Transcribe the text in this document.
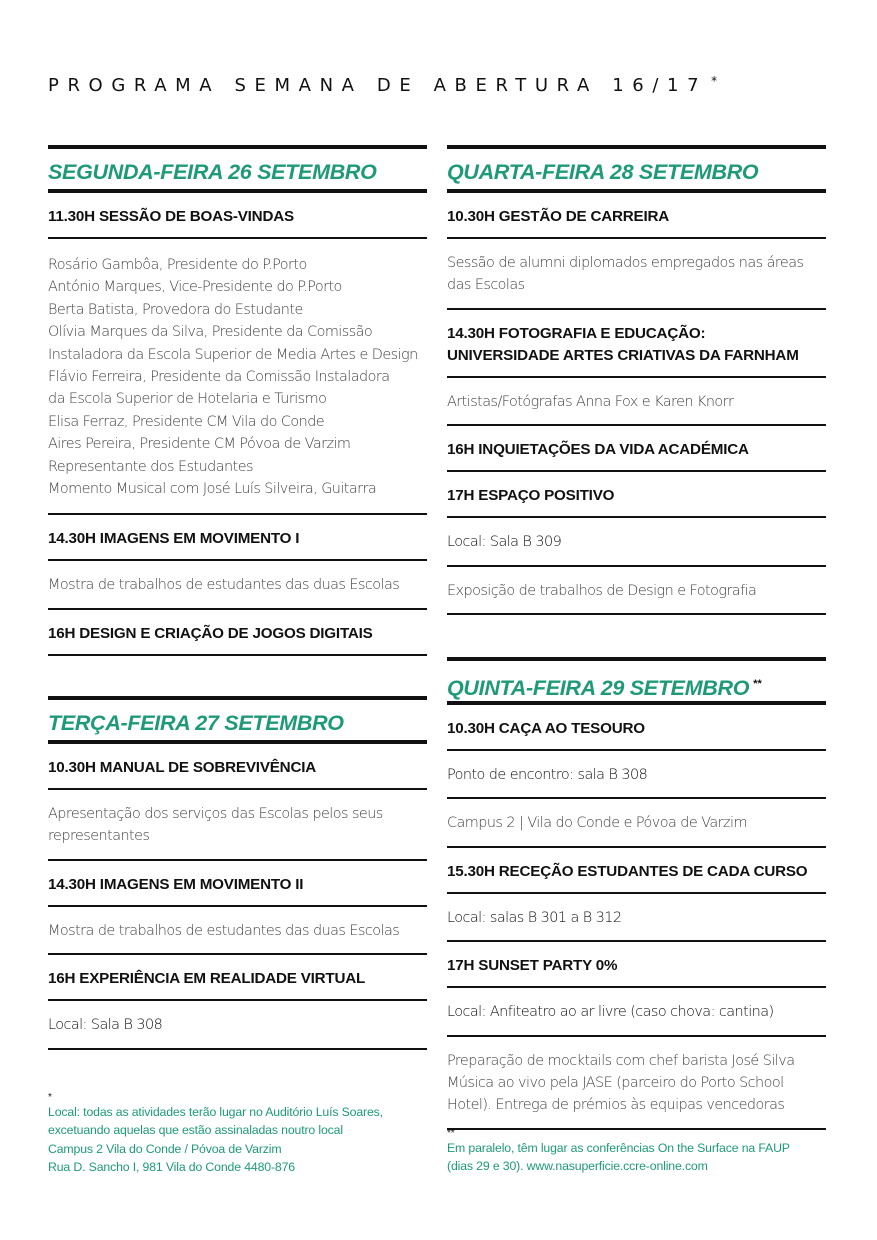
PROGRAMA SEMANA DE ABERTURA 16/17 *
SEGUNDA-FEIRA 26 SETEMBRO
11.30H SESSÃO DE BOAS-VINDAS
Rosário Gambôa, Presidente do P.Porto
António Marques, Vice-Presidente do P.Porto
Berta Batista, Provedora do Estudante
Olívia Marques da Silva, Presidente da Comissão
Instaladora da Escola Superior de Media Artes e Design
Flávio Ferreira, Presidente da Comissão Instaladora
da Escola Superior de Hotelaria e Turismo
Elisa Ferraz, Presidente CM Vila do Conde
Aires Pereira, Presidente CM Póvoa de Varzim
Representante dos Estudantes
Momento Musical com José Luís Silveira, Guitarra
14.30H IMAGENS EM MOVIMENTO I
Mostra de trabalhos de estudantes das duas Escolas
16H DESIGN E CRIAÇÃO DE JOGOS DIGITAIS
TERÇA-FEIRA 27 SETEMBRO
10.30H MANUAL DE SOBREVIVÊNCIA
Apresentação dos serviços das Escolas pelos seus
representantes
14.30H IMAGENS EM MOVIMENTO II
Mostra de trabalhos de estudantes das duas Escolas
16H EXPERIÊNCIA EM REALIDADE VIRTUAL
Local: Sala B 308
QUARTA-FEIRA 28 SETEMBRO
10.30H GESTÃO DE CARREIRA
Sessão de alumni diplomados empregados nas áreas
das Escolas
14.30H FOTOGRAFIA E EDUCAÇÃO:
UNIVERSIDADE ARTES CRIATIVAS DA FARNHAM
Artistas/Fotógrafas Anna Fox e Karen Knorr
16H INQUIETAÇÕES DA VIDA ACADÉMICA
17H ESPAÇO POSITIVO
Local: Sala B 309
Exposição de trabalhos de Design e Fotografia
QUINTA-FEIRA 29 SETEMBRO **
10.30H CAÇA AO TESOURO
Ponto de encontro: sala B 308
Campus 2 | Vila do Conde e Póvoa de Varzim
15.30H RECEÇÃO ESTUDANTES DE CADA CURSO
Local: salas B 301 a B 312
17H SUNSET PARTY 0%
Local: Anfiteatro ao ar livre (caso chova: cantina)
Preparação de mocktails com chef barista José Silva
Música ao vivo pela JASE (parceiro do Porto School
Hotel). Entrega de prémios às equipas vencedoras
*
Local: todas as atividades terão lugar no Auditório Luís Soares,
excetuando aquelas que estão assinaladas noutro local
Campus 2 Vila do Conde / Póvoa de Varzim
Rua D. Sancho I, 981 Vila do Conde 4480-876
**
Em paralelo, têm lugar as conferências On the Surface na FAUP
(dias 29 e 30). www.nasuperficie.ccre-online.com
